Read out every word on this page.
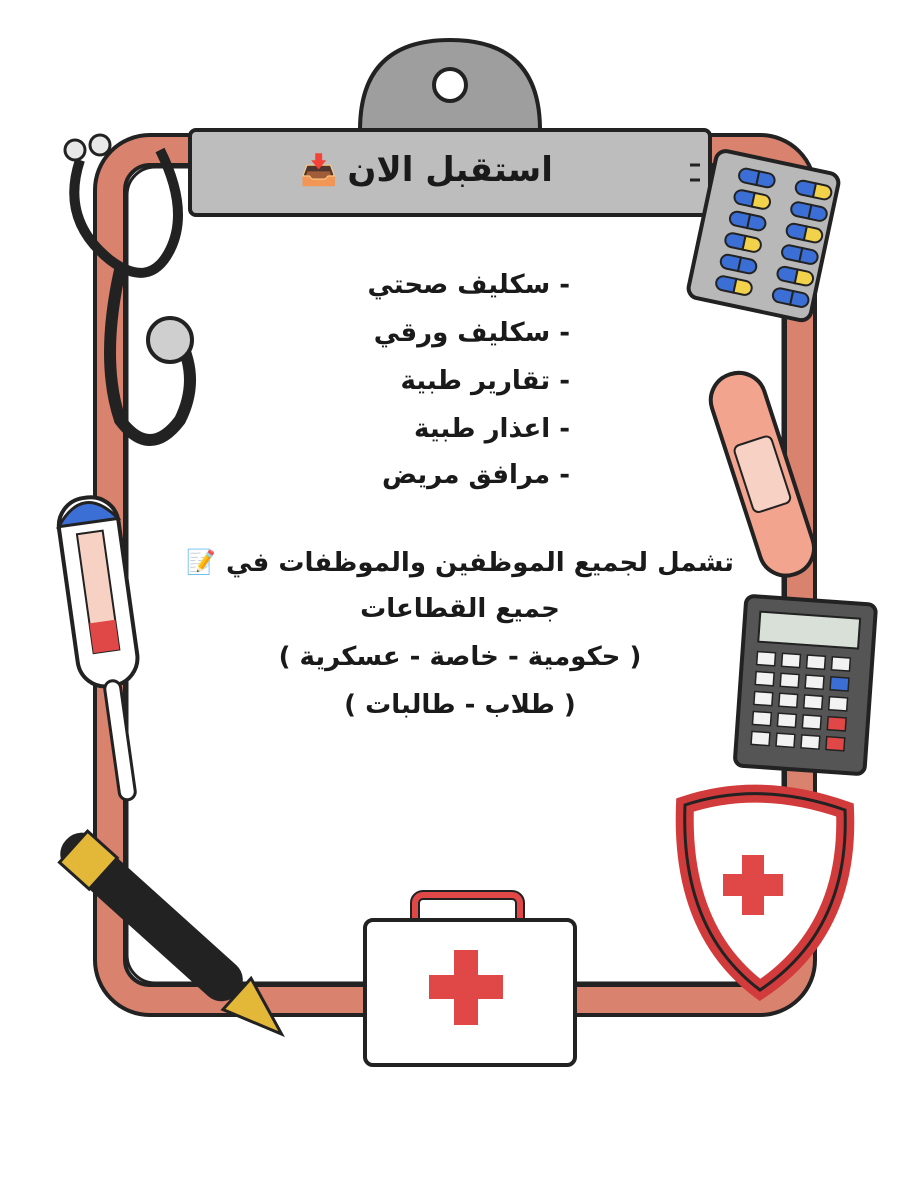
استقبل الان
📥
- سكليف صحتي
- سكليف ورقي
- تقارير طبية
- اعذار طبية
- مرافق مريض
تشمل لجميع الموظفين والموظفات في
📝
جميع القطاعات
( حكومية - خاصة - عسكرية )
( طلاب - طالبات )
